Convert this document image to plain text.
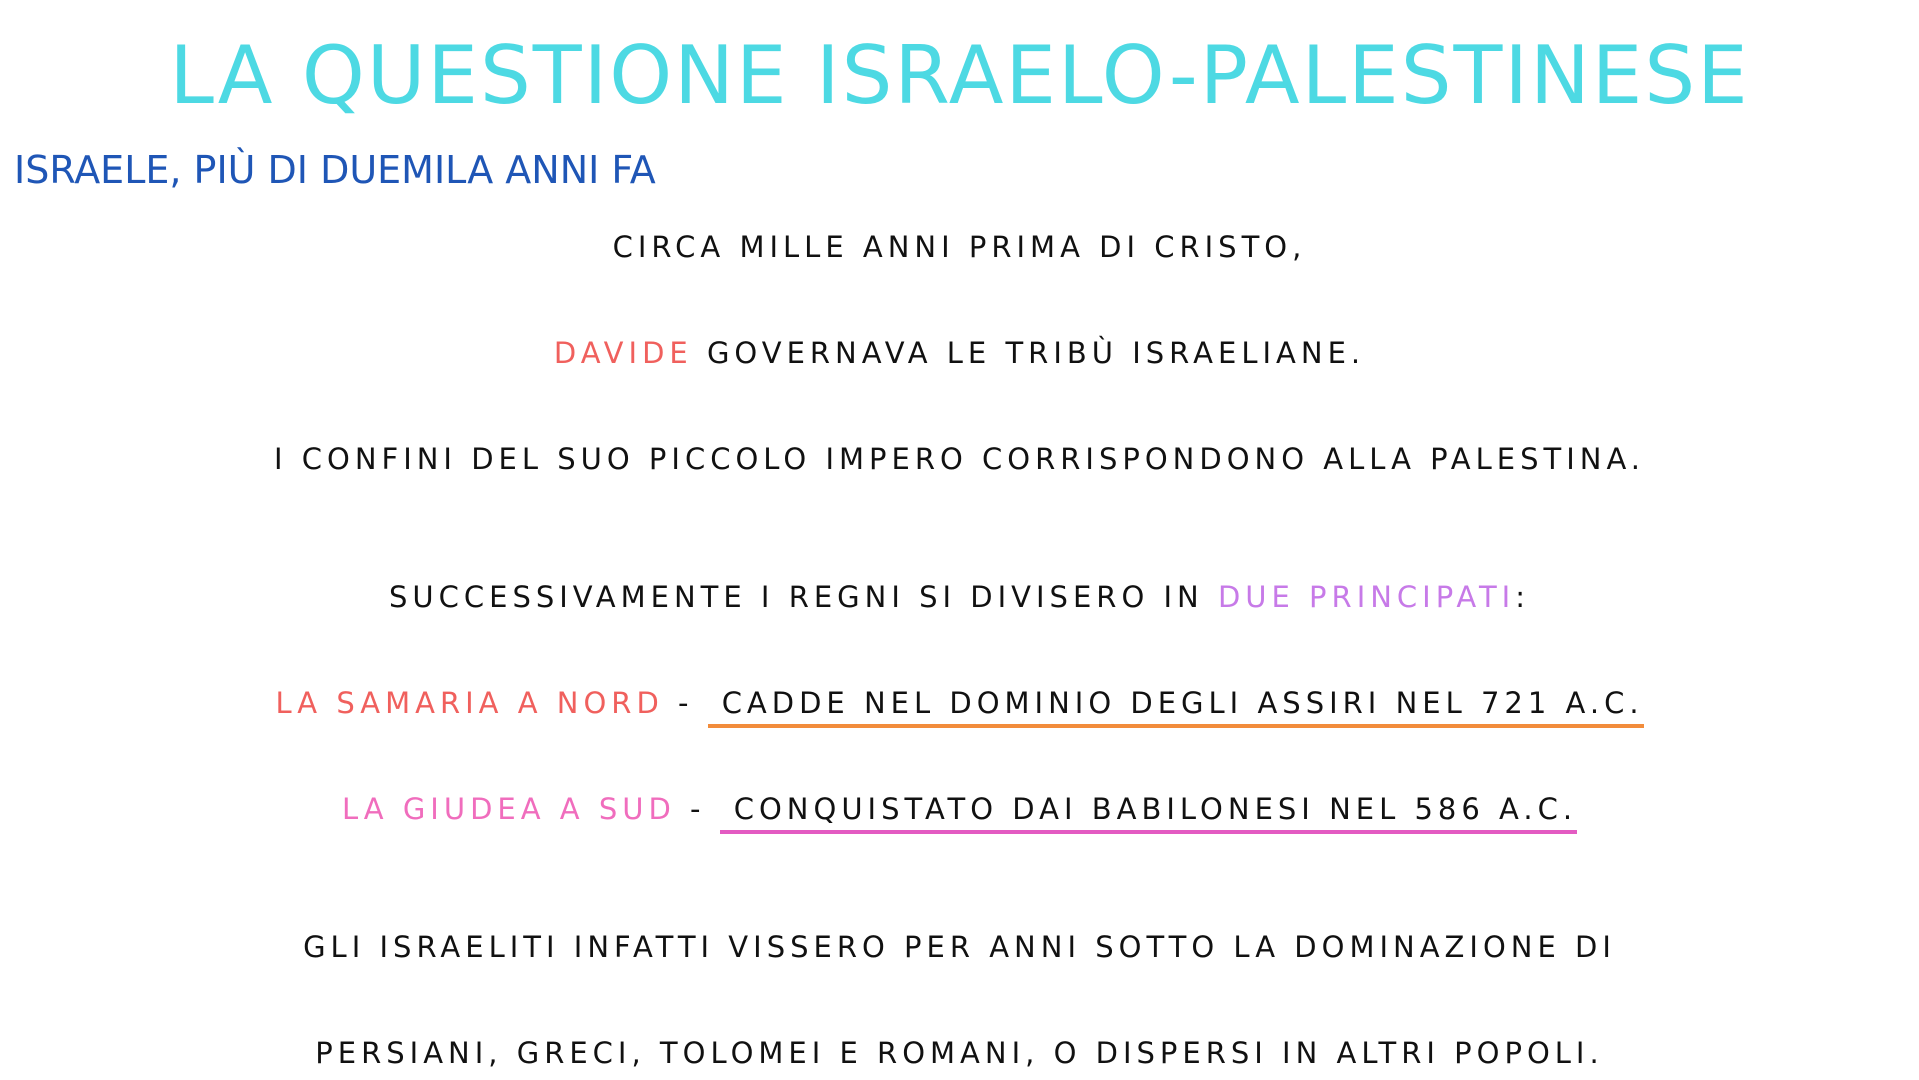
LA QUESTIONE ISRAELO-PALESTINESE
ISRAELE, PIÙ DI DUEMILA ANNI FA
CIRCA MILLE ANNI PRIMA DI CRISTO,
DAVIDE GOVERNAVA LE TRIBÙ ISRAELIANE.
I CONFINI DEL SUO PICCOLO IMPERO CORRISPONDONO ALLA PALESTINA.
SUCCESSIVAMENTE I REGNI SI DIVISERO IN DUE PRINCIPATI:
LA SAMARIA A NORD - CADDE NEL DOMINIO DEGLI ASSIRI NEL 721 A.C.
LA GIUDEA A SUD - CONQUISTATO DAI BABILONESI NEL 586 A.C.
GLI ISRAELITI INFATTI VISSERO PER ANNI SOTTO LA DOMINAZIONE DI
PERSIANI, GRECI, TOLOMEI E ROMANI, O DISPERSI IN ALTRI POPOLI.
